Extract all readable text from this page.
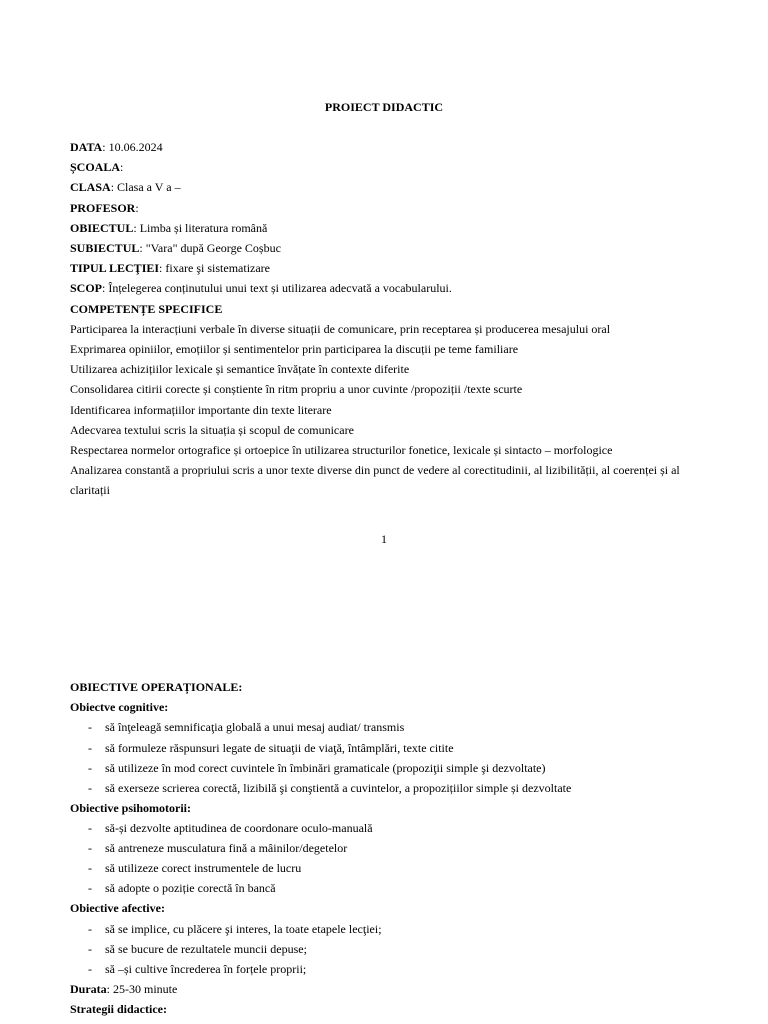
PROIECT DIDACTIC
DATA: 10.06.2024
ȘCOALA:
CLASA: Clasa a V a –
PROFESOR:
OBIECTUL: Limba și literatura română
SUBIECTUL: "Vara" după George Coșbuc
TIPUL LECŢIEI: fixare şi sistematizare
SCOP: Înțelegerea conținutului unui text și utilizarea adecvată a vocabularului.
COMPETENȚE SPECIFICE
Participarea la interacțiuni verbale în diverse situații de comunicare, prin receptarea și producerea mesajului oral
Exprimarea opiniilor, emoțiilor și sentimentelor prin participarea la discuții pe teme familiare
Utilizarea achizițiilor lexicale și semantice învățate în contexte diferite
Consolidarea citirii corecte și conștiente în ritm propriu a unor cuvinte /propoziții /texte scurte
Identificarea informațiilor importante din texte literare
Adecvarea textului scris la situația și scopul de comunicare
Respectarea normelor ortografice și ortoepice în utilizarea structurilor fonetice, lexicale și sintacto – morfologice
Analizarea constantă a propriului scris a unor texte diverse din punct de vedere al corectitudinii, al lizibilității, al coerenței și al claritații
1
OBIECTIVE OPERAȚIONALE:
Obiectve cognitive:
- să înţeleagă semnificaţia globală a unui mesaj audiat/ transmis
- să formuleze răspunsuri legate de situaţii de viaţă, întâmplări, texte citite
- să utilizeze în mod corect cuvintele în îmbinări gramaticale (propoziţii simple şi dezvoltate)
- să exerseze scrierea corectă, lizibilă şi conştientă a cuvintelor, a propozițiilor simple și dezvoltate
Obiective psihomotorii:
- să-și dezvolte aptitudinea de coordonare oculo-manuală
- să antreneze musculatura fină a mâinilor/degetelor
- să utilizeze corect instrumentele de lucru
- să adopte o poziție corectă în bancă
Obiective afective:
- să se implice, cu plăcere şi interes, la toate etapele lecţiei;
- să se bucure de rezultatele muncii depuse;
- să –și cultive încrederea în forțele proprii;
Durata: 25-30 minute
Strategii didactice:
